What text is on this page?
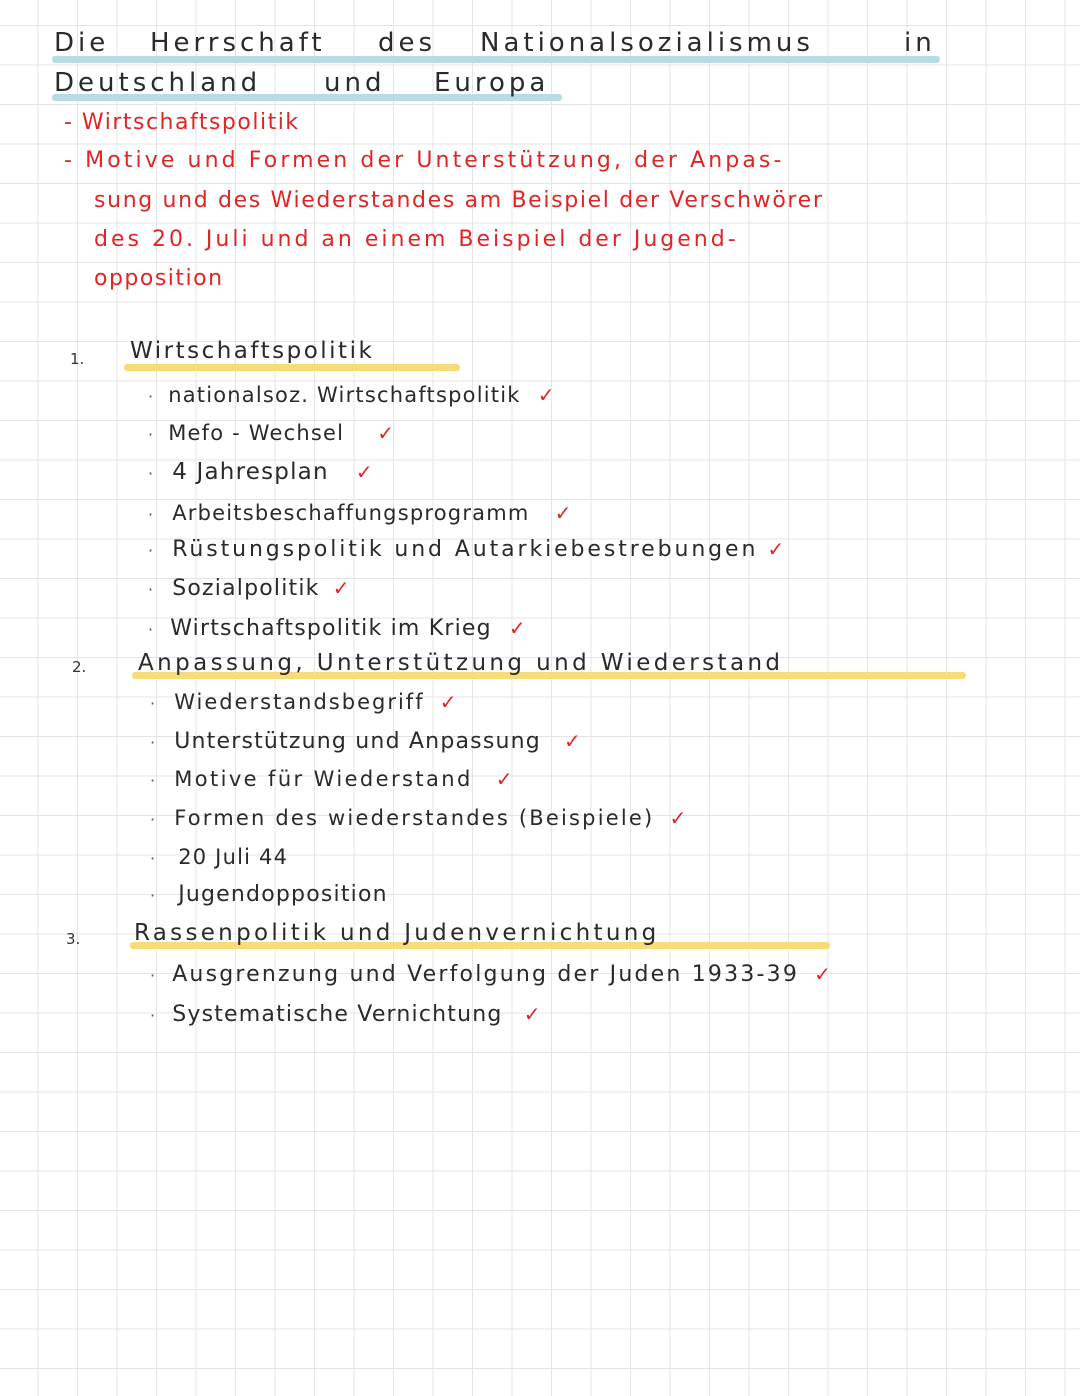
Die Herrschaft des Nationalsozialismus	in
Deutschland und Europa
- Wirtschaftspolitik
- Motive und Formen der Unterstützung, der Anpas-
sung und des Wiederstandes am Beispiel der Verschwörer
des 20. Juli und an einem Beispiel der Jugend-
opposition
1. Wirtschaftspolitik
· nationalsoz. Wirtschaftspolitik ✓
· Mefo - Wechsel ✓
· 4 Jahresplan ✓
· Arbeitsbeschaffungsprogramm ✓
· Rüstungspolitik und Autarkiebestrebungen ✓
· Sozialpolitik ✓
· Wirtschaftspolitik im Krieg ✓
2. Anpassung, Unterstützung und Wiederstand
· Wiederstandsbegriff ✓
· Unterstützung und Anpassung ✓
· Motive für Wiederstand ✓
· Formen des wiederstandes (Beispiele) ✓
· 20 Juli 44
· Jugendopposition
3. Rassenpolitik und Judenvernichtung
· Ausgrenzung und Verfolgung der Juden 1933-39 ✓
· Systematische Vernichtung ✓
